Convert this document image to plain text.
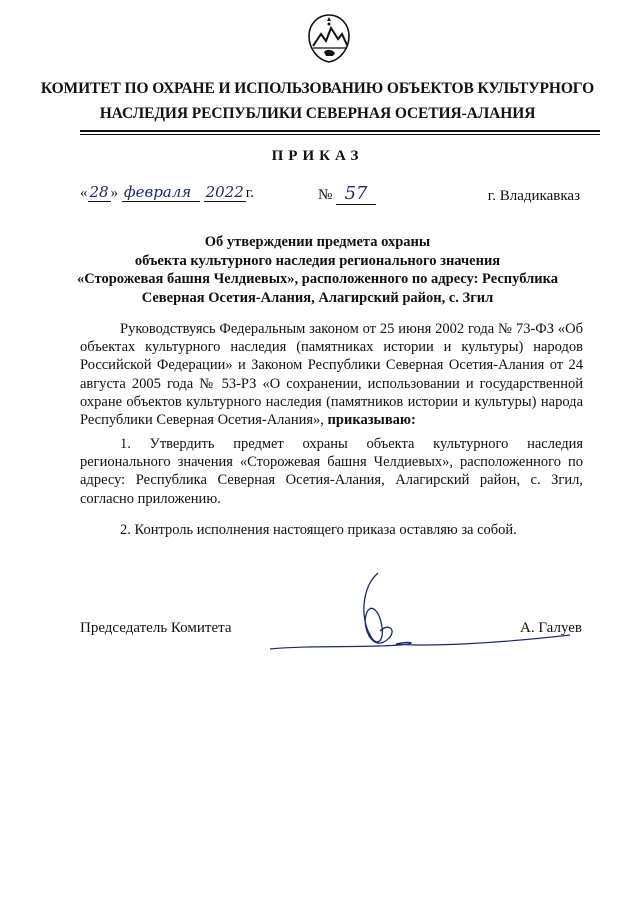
КОМИТЕТ ПО ОХРАНЕ И ИСПОЛЬЗОВАНИЮ ОБЪЕКТОВ КУЛЬТУРНОГО
НАСЛЕДИЯ РЕСПУБЛИКИ СЕВЕРНАЯ ОСЕТИЯ-АЛАНИЯ
ПРИКАЗ
« 28 » февраля 2022 г.	№ 57	г. Владикавказ
Об утверждении предмета охраны
объекта культурного наследия регионального значения
«Сторожевая башня Челдиевых», расположенного по адресу: Республика
Северная Осетия-Алания, Алагирский район, с. Згил
Руководствуясь Федеральным законом от 25 июня 2002 года № 73-ФЗ «Об объектах культурного наследия (памятниках истории и культуры) народов Российской Федерации» и Законом Республики Северная Осетия-Алания от 24 августа 2005 года № 53-РЗ «О сохранении, использовании и государственной охране объектов культурного наследия (памятников истории и культуры) народа Республики Северная Осетия-Алания», приказываю:
1. Утвердить предмет охраны объекта культурного наследия регионального значения «Сторожевая башня Челдиевых», расположенного по адресу: Республика Северная Осетия-Алания, Алагирский район, с. Згил, согласно приложению.
2. Контроль исполнения настоящего приказа оставляю за собой.
Председатель Комитета	А. Галуев
